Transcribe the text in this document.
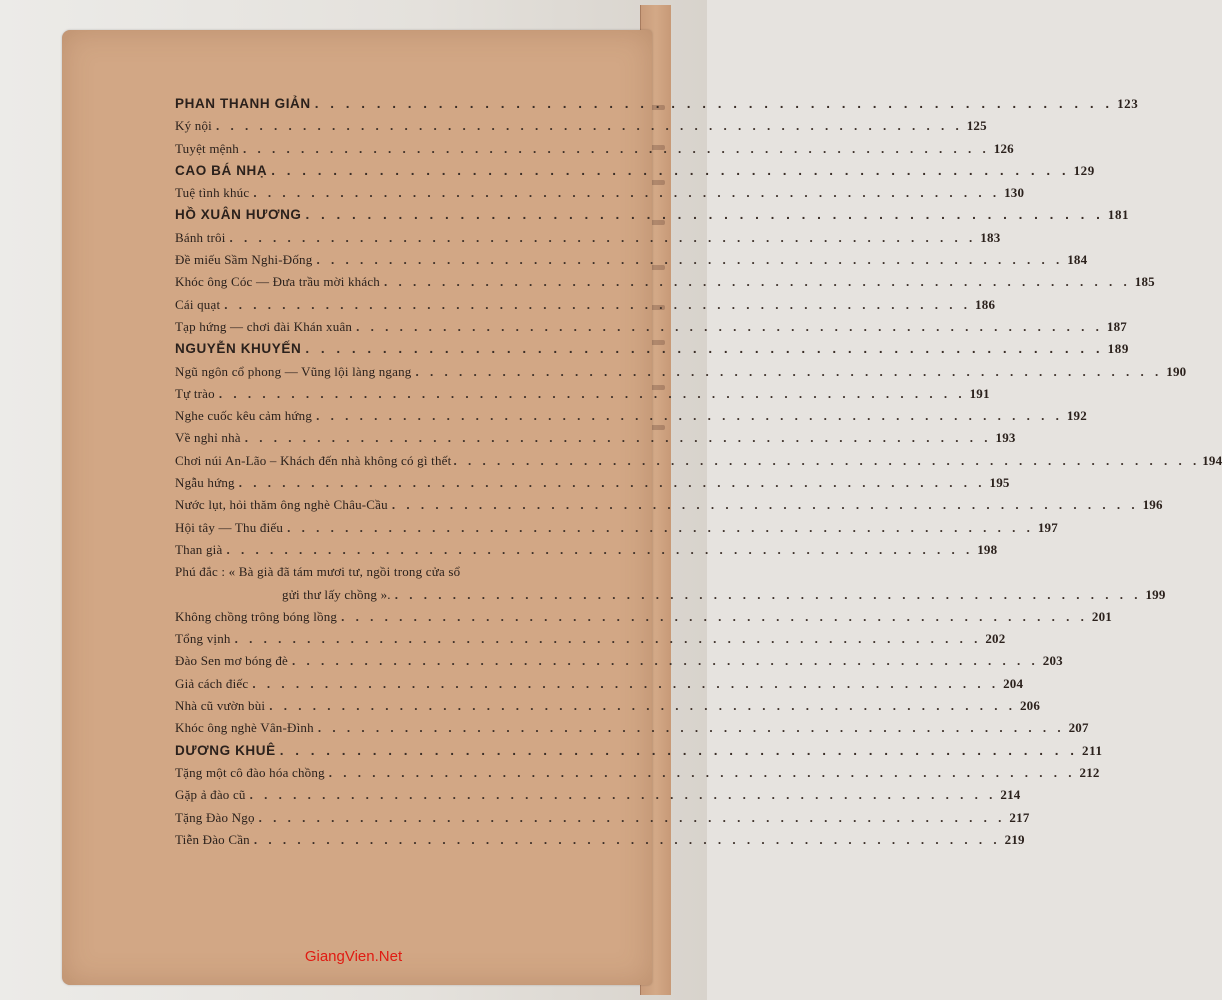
PHAN THANH GIẢN . . .	123
Ký nội . . .	125
Tuyệt mệnh . . .	126
CAO BÁ NHẠ . . .	129
Tuệ tình khúc . . .	130
HỒ XUÂN HƯƠNG . . .	181
Bánh trôi . . .	183
Đề miếu Sầm Nghi-Đống . . .	184
Khóc ông Cóc — Đưa trầu mời khách . . .	185
Cái quạt . . .	186
Tạp hứng — chơi đài Khán xuân . . .	187
NGUYỄN KHUYẾN . . .	189
Ngũ ngôn cổ phong — Vũng lội làng ngang . . .	190
Tự trào . . .	191
Nghe cuốc kêu cảm hứng . . .	192
Về nghỉ nhà . . .	193
Chơi núi An-Lão – Khách đến nhà không có gì thết . . .	194
Ngẫu hứng . . .	195
Nước lụt, hỏi thăm ông nghè Châu-Cầu . . .	196
Hội tây — Thu điếu . . .	197
Than già . . .	198
Phú đắc : « Bà già đã tám mươi tư, ngồi trong cửa sổ
gửi thư lấy chồng ». . . .	199
Không chồng trông bóng lồng . . .	201
Tổng vịnh . . .	202
Đào Sen mơ bóng đè . . .	203
Giả cách điếc . . .	204
Nhà cũ vườn bùi . . .	206
Khóc ông nghè Vân-Đình . . .	207
DƯƠNG KHUÊ . . .	211
Tặng một cô đào hóa chồng . . .	212
Gặp ả đào cũ . . .	214
Tặng Đào Ngọ . . .	217
Tiễn Đào Cần . . .	219
GiangVien.Net
